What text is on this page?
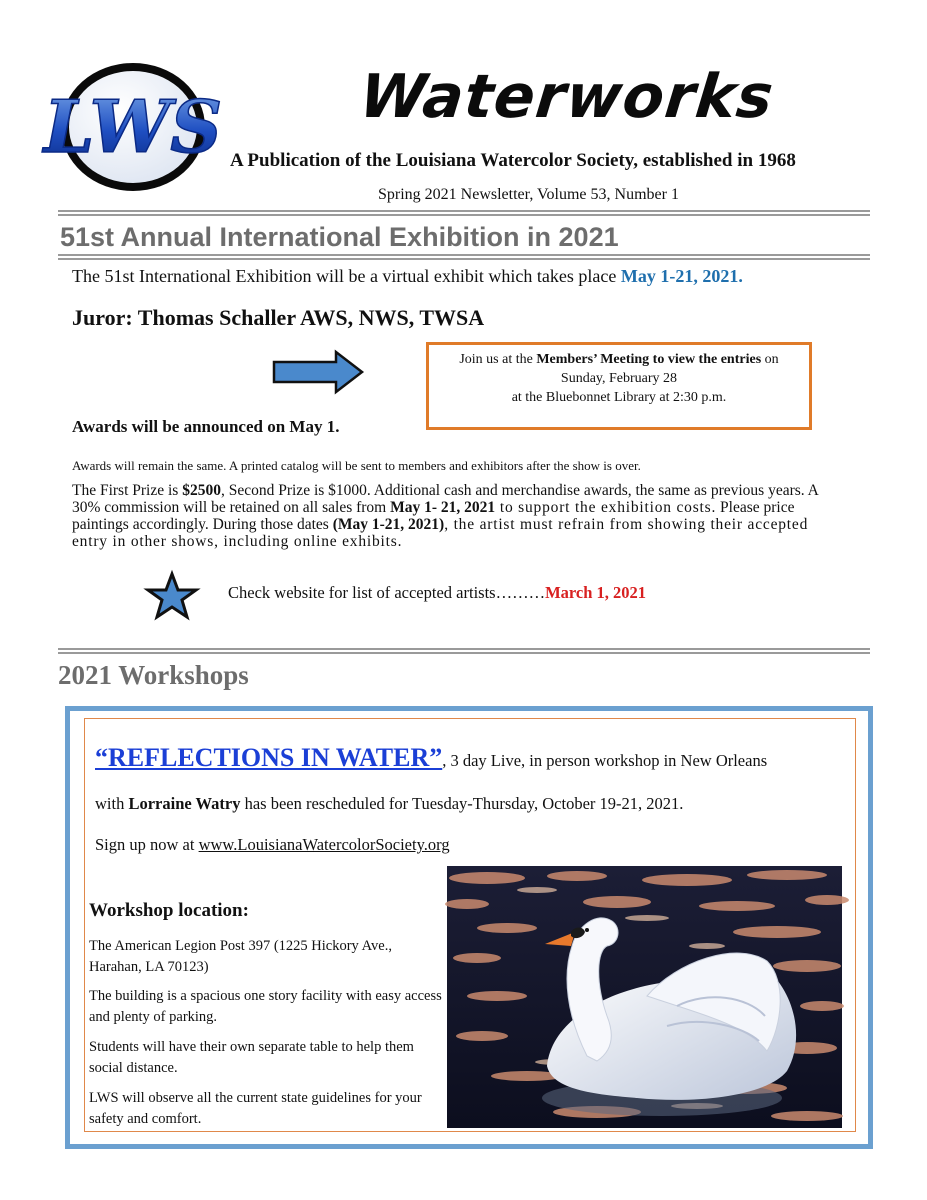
LWS Waterworks
A Publication of the Louisiana Watercolor Society, established in 1968
Spring 2021 Newsletter, Volume 53, Number 1
51st Annual International Exhibition in 2021
The 51st International Exhibition will be a virtual exhibit which takes place May 1-21, 2021.
Juror: Thomas Schaller AWS, NWS, TWSA
Join us at the Members’ Meeting to view the entries on
Sunday, February 28
at the Bluebonnet Library at 2:30 p.m.
Awards will be announced on May 1.
Awards will remain the same. A printed catalog will be sent to members and exhibitors after the show is over.
The First Prize is $2500, Second Prize is $1000. Additional cash and merchandise awards, the same as previous years. A 30% commission will be retained on all sales from May 1- 21, 2021 to support the exhibition costs. Please price paintings accordingly. During those dates (May 1-21, 2021), the artist must refrain from showing their accepted entry in other shows, including online exhibits.
Check website for list of accepted artists………March 1, 2021
2021 Workshops
“REFLECTIONS IN WATER”, 3 day Live, in person workshop in New Orleans
with Lorraine Watry has been rescheduled for Tuesday-Thursday, October 19-21, 2021.
Sign up now at www.LouisianaWatercolorSociety.org
Workshop location:
The American Legion Post 397 (1225 Hickory Ave., Harahan, LA 70123)
The building is a spacious one story facility with easy access and plenty of parking.
Students will have their own separate table to help them social distance.
LWS will observe all the current state guidelines for your safety and comfort.
